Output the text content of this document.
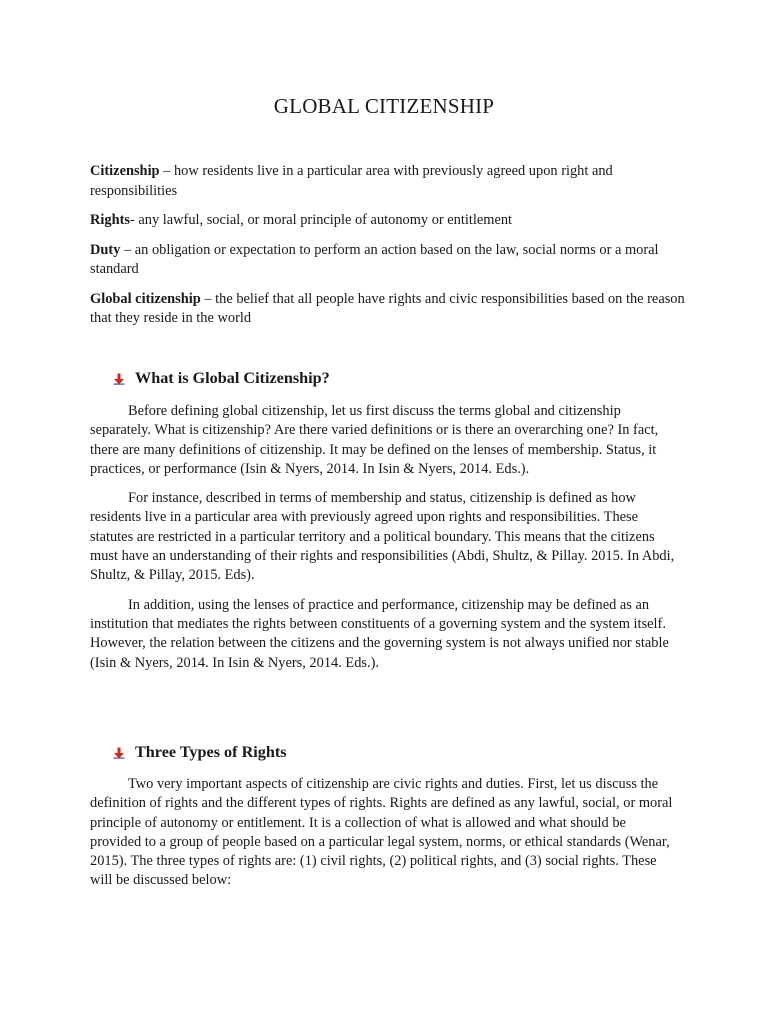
GLOBAL CITIZENSHIP

Citizenship – how residents live in a particular area with previously agreed upon right and responsibilities

Rights- any lawful, social, or moral principle of autonomy or entitlement

Duty – an obligation or expectation to perform an action based on the law, social norms or a moral standard

Global citizenship – the belief that all people have rights and civic responsibilities based on the reason that they reside in the world

What is Global Citizenship?

Before defining global citizenship, let us first discuss the terms global and citizenship separately. What is citizenship? Are there varied definitions or is there an overarching one? In fact, there are many definitions of citizenship. It may be defined on the lenses of membership. Status, it practices, or performance (Isin & Nyers, 2014. In Isin & Nyers, 2014. Eds.).

For instance, described in terms of membership and status, citizenship is defined as how residents live in a particular area with previously agreed upon rights and responsibilities. These statutes are restricted in a particular territory and a political boundary. This means that the citizens must have an understanding of their rights and responsibilities (Abdi, Shultz, & Pillay. 2015. In Abdi, Shultz, & Pillay, 2015. Eds).

In addition, using the lenses of practice and performance, citizenship may be defined as an institution that mediates the rights between constituents of a governing system and the system itself. However, the relation between the citizens and the governing system is not always unified nor stable (Isin & Nyers, 2014. In Isin & Nyers, 2014. Eds.).

Three Types of Rights

Two very important aspects of citizenship are civic rights and duties. First, let us discuss the definition of rights and the different types of rights. Rights are defined as any lawful, social, or moral principle of autonomy or entitlement. It is a collection of what is allowed and what should be provided to a group of people based on a particular legal system, norms, or ethical standards (Wenar, 2015). The three types of rights are: (1) civil rights, (2) political rights, and (3) social rights. These will be discussed below:
